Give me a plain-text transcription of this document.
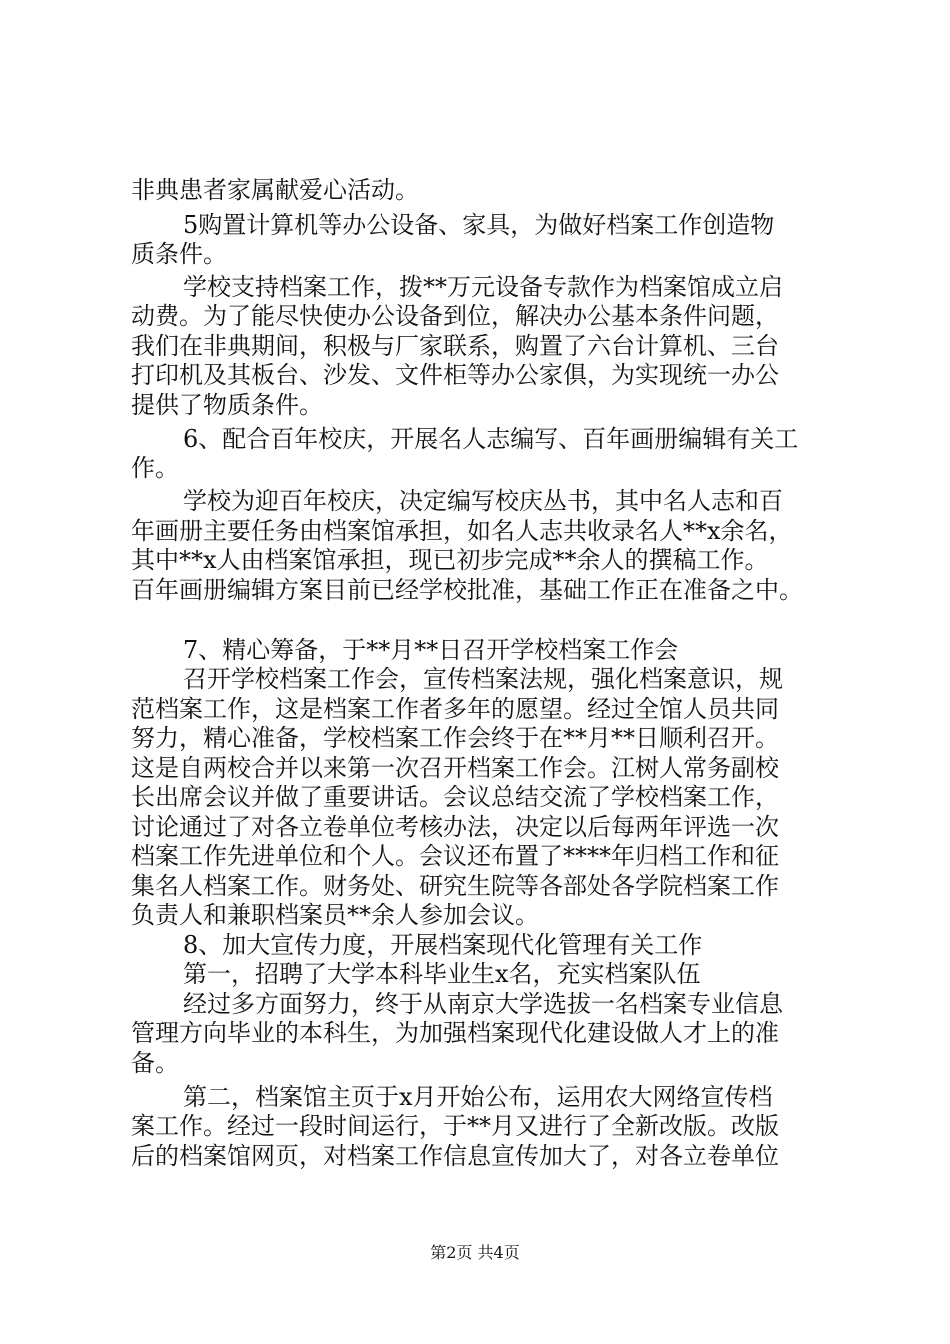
非典患者家属献爱心活动。
5购置计算机等办公设备、家具，为做好档案工作创造物
质条件。
学校支持档案工作，拨**万元设备专款作为档案馆成立启
动费。为了能尽快使办公设备到位，解决办公基本条件问题，
我们在非典期间，积极与厂家联系，购置了六台计算机、三台
打印机及其板台、沙发、文件柜等办公家俱，为实现统一办公
提供了物质条件。
6、配合百年校庆，开展名人志编写、百年画册编辑有关工
作。
学校为迎百年校庆，决定编写校庆丛书，其中名人志和百
年画册主要任务由档案馆承担，如名人志共收录名人**x余名，
其中**x人由档案馆承担，现已初步完成**余人的撰稿工作。
百年画册编辑方案目前已经学校批准，基础工作正在准备之中。
7、精心筹备，于**月**日召开学校档案工作会
召开学校档案工作会，宣传档案法规，强化档案意识，规
范档案工作，这是档案工作者多年的愿望。经过全馆人员共同
努力，精心准备，学校档案工作会终于在**月**日顺利召开。
这是自两校合并以来第一次召开档案工作会。江树人常务副校
长出席会议并做了重要讲话。会议总结交流了学校档案工作，
讨论通过了对各立卷单位考核办法，决定以后每两年评选一次
档案工作先进单位和个人。会议还布置了****年归档工作和征
集名人档案工作。财务处、研究生院等各部处各学院档案工作
负责人和兼职档案员**余人参加会议。
8、加大宣传力度，开展档案现代化管理有关工作
第一，招聘了大学本科毕业生x名，充实档案队伍
经过多方面努力，终于从南京大学选拔一名档案专业信息
管理方向毕业的本科生，为加强档案现代化建设做人才上的准
备。
第二，档案馆主页于x月开始公布，运用农大网络宣传档
案工作。经过一段时间运行，于**月又进行了全新改版。改版
后的档案馆网页，对档案工作信息宣传加大了，对各立卷单位
第2页 共4页
